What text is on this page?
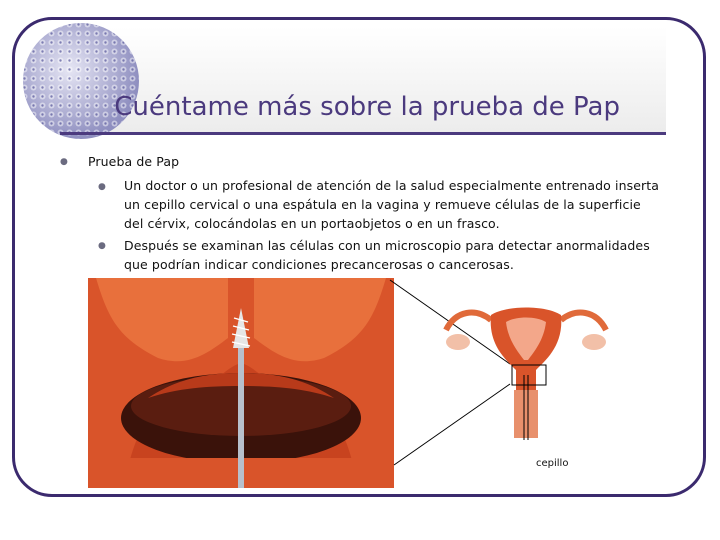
Cuéntame más sobre la prueba de Pap
● Prueba de Pap
● Un doctor o un profesional de atención de la salud especialmente entrenado inserta un cepillo cervical o una espátula en la vagina y remueve células de la superficie del cérvix, colocándolas en un portaobjetos o en un frasco.
● Después se examinan las células con un microscopio para detectar anormalidades que podrían indicar condiciones precancerosas o cancerosas.
cepillo
